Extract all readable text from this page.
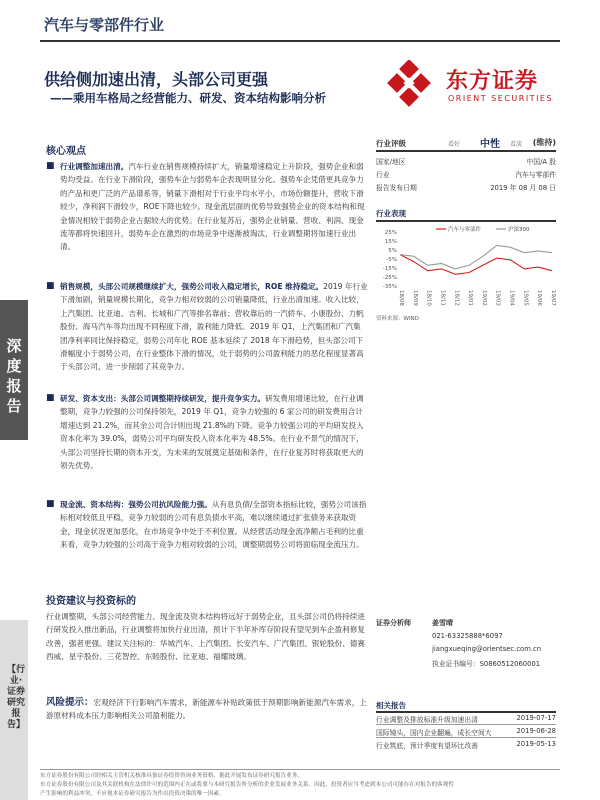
汽车与零部件行业
供给侧加速出清，头部公司更强
——乘用车格局之经营能力、研发、资本结构影响分析
东方证券
ORIENT SECURITIES
深度报告
【行业·证券研究报告】
核心观点
■ 行业调整加速出清。汽车行业在销售规模持续扩大，销量增速稳定上升阶段，强势企业和弱势均受益。在行业下滑阶段，强势车企与弱势车企表现明显分化。强势车企凭借更具竞争力的产品和更广泛的产品谱系等，销量下滑相对于行业平均水平小，市场份额提升，营收下滑较少，净利润下滑较少，ROE下降也较少。现金流层面的优势导致强势企业的资本结构和现金情况相较于弱势企业占据较大的优势。在行业复苏后，强势企业销量、营收、利润、现金流等都将快速回升，弱势车企在激烈的市场竞争中逐渐被淘汰，行业调整期将加速行业出清。
■ 销售规模，头部公司规模继续扩大，强势公司收入稳定增长，ROE 维持稳定。2019 年行业下滑加剧，销量规模长期化，竞争力相对较弱的公司销量降低，行业出清加速。收入比较，上汽集团、比亚迪、吉利、长城和广汽等排名靠前；营收靠后的一汽轿车、小康股份、力帆股份、海马汽车等均出现不同程度下滑，盈利能力降低。2019 年 Q1，上汽集团和广汽集团净利率同比保持稳定，弱势公司年化 ROE 基本延续了 2018 年下滑趋势，但头部公司下滑幅度小于弱势公司，在行业整体下滑的情况，处于弱势的公司盈利能力的恶化程度显著高于头部公司，进一步削弱了其竞争力。
■ 研发、资本支出：头部公司调整期持续研发，提升竞争实力。研发费用增速比较，在行业调整期，竞争力较强的公司保持领先，2019 年 Q1，竞争力较强的 6 家公司的研发费用合计增速达到 21.2%，而其余公司合计则出现 21.8%的下降。竞争力较强公司的平均研发投入资本化率为 39.0%，弱势公司平均研发投入资本化率为 48.5%。在行业不景气的情况下，头部公司坚持长期的资本开支，为未来的发展奠定基础和条件，在行业复苏时将获取更大的领先优势。
■ 现金流、资本结构：强势公司抗风险能力强。从有息负债/全部资本指标比较，强势公司该指标相对较低且平稳，竞争力较弱的公司有息负债水平高，难以继续通过扩张债务来获取资金，现金状况更加恶化，在市场竞争中处于不利位置。从经营活动现金流净额占毛利的比重来看，竞争力较强的公司高于竞争力相对较弱的公司，调整期弱势公司将面临现金流压力。
投资建议与投资标的
行业调整期，头部公司经营能力、现金流及资本结构将远好于弱势企业，且头部公司仍将持续进行研发投入推出新品，行业调整将加快行业出清，预计下半年补库存阶段有望见到车企盈利修复改善，强者更强。建议关注标的：华城汽车、上汽集团、长安汽车、广汽集团、银轮股份、德赛西威、星宇股份、三花智控、东睦股份、比亚迪、福耀玻璃。
风险提示：宏观经济下行影响汽车需求，新能源车补贴政策低于预期影响新能源汽车需求，上游原材料成本压力影响相关公司盈利能力。
行业评级	看好 中性 看淡 (维持)
国家/地区	中国/A 股
行业	汽车与零部件
报告发布日期	2019 年 08 月 08 日
行业表现
25%
15%
5%
-5%
-15%
-25%
-35%
18/08 18/09 18/10 18/11 18/12 19/01 19/02 19/03 19/04 19/05 19/06 19/07
汽车与零部件	沪深300
资料来源：WIND
证券分析师	姜雪晴
021-63325888*6097
jiangxueqing@orientsec.com.cn
执业证书编号：S0860512060001
相关报告
行业调整及排放标准升级加速出清	2019-07-17
国际镜头，国内企业翻遍，成长空间大	2019-06-28
行业筑底，预计季度有望环比改善	2019-05-13
东方证券股份有限公司经相关主管机关核准具备证券投资咨询业务资格，据此开展发布证券研究报告业务。
东方证券股份有限公司及其关联机构在法律许可的范围内正在或将要与本研究报告所分析的企业发展业务关系。因此，投资者应当考虑到本公司可能存在对报告的客观性
产生影响的利益冲突，不应视本证券研究报告为作出投资决策的唯一因素。
